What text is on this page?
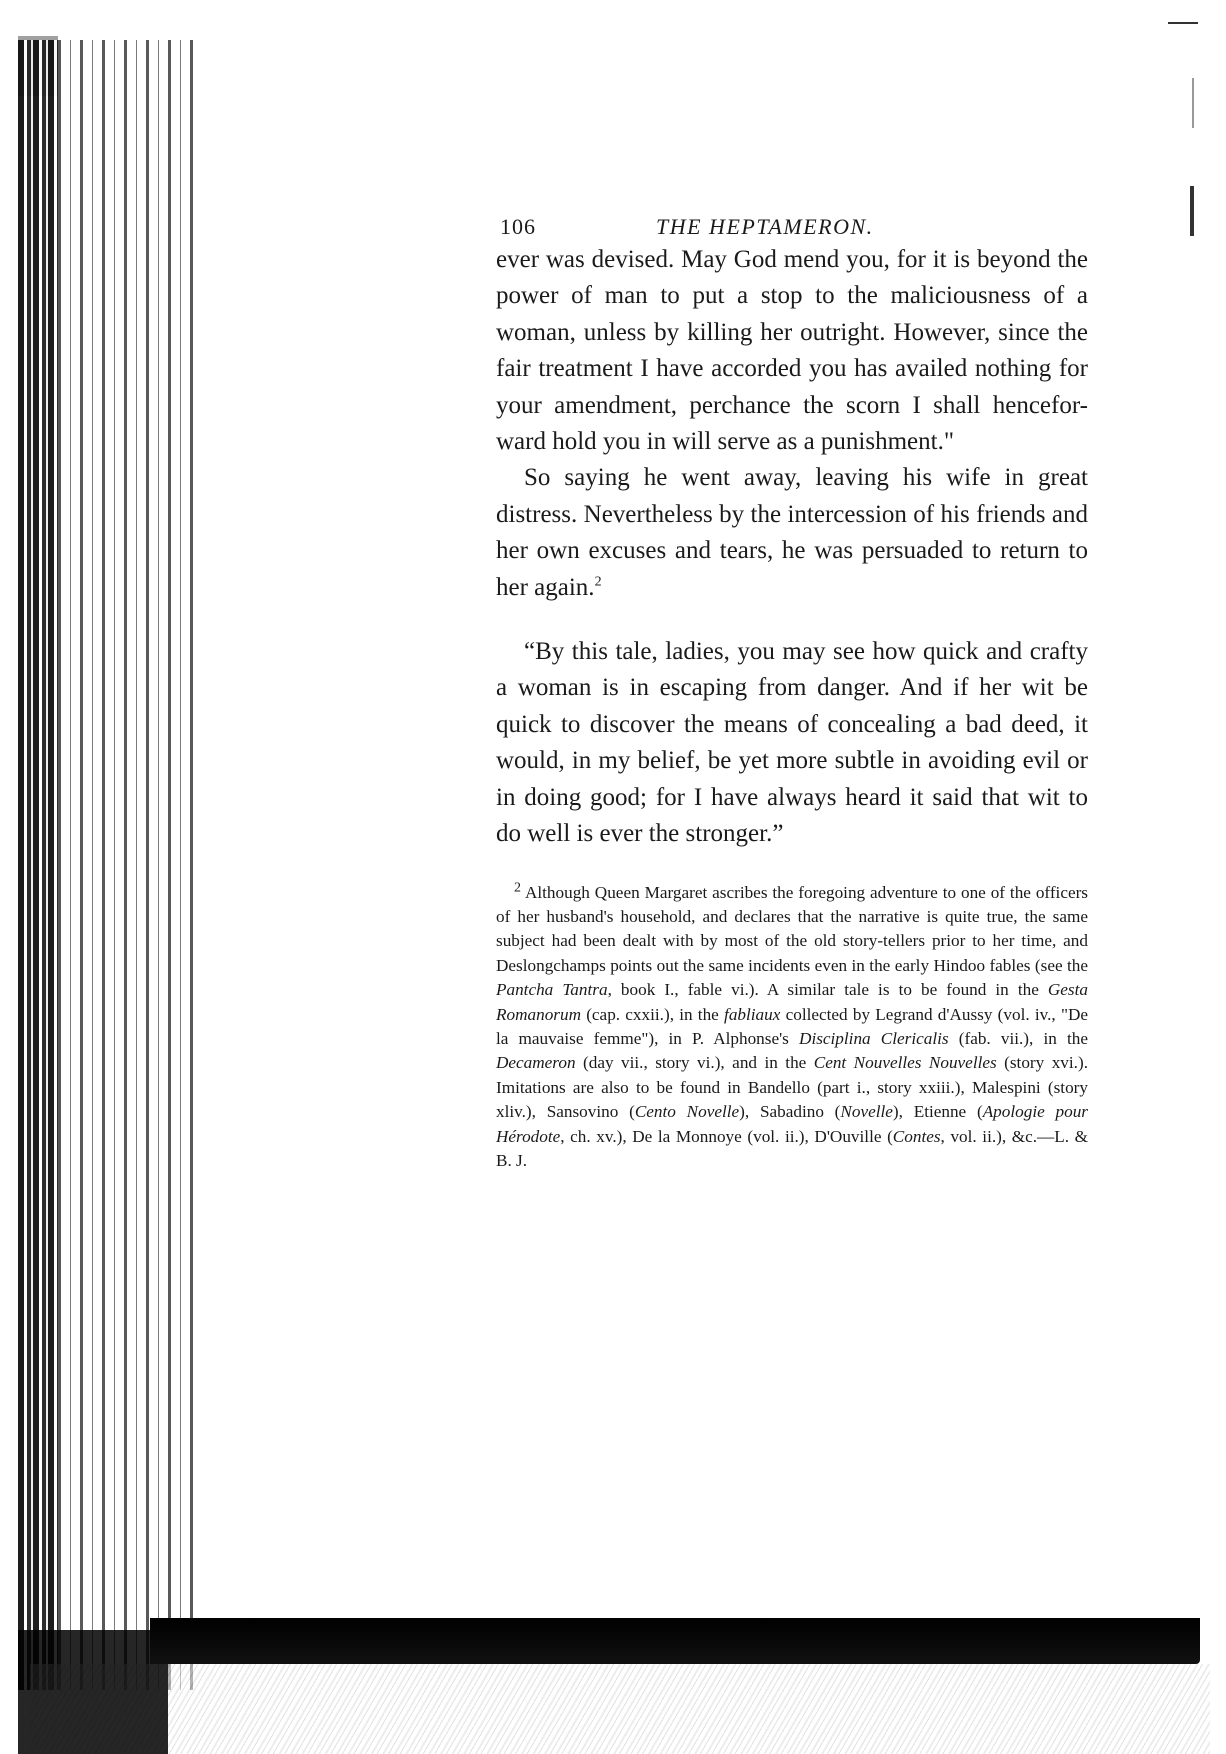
106	THE HEPTAMERON.

ever was devised. May God mend you, for it is beyond the power of man to put a stop to the maliciousness of a woman, unless by killing her outright. However, since the fair treatment I have accorded you has availed nothing for your amendment, perchance the scorn I shall hencefor-ward hold you in will serve as a punishment."

So saying he went away, leaving his wife in great distress. Nevertheless by the intercession of his friends and her own excuses and tears, he was persuaded to return to her again.$^2$

“By this tale, ladies, you may see how quick and crafty a woman is in escaping from danger. And if her wit be quick to discover the means of concealing a bad deed, it would, in my belief, be yet more subtle in avoiding evil or in doing good; for I have always heard it said that wit to do well is ever the stronger.”

$^2$ Although Queen Margaret ascribes the foregoing adventure to one of the officers of her husband's household, and declares that the narrative is quite true, the same subject had been dealt with by most of the old story-tellers prior to her time, and Deslongchamps points out the same incidents even in the early Hindoo fables (see the Pantcha Tantra, book I., fable vi.). A similar tale is to be found in the Gesta Romanorum (cap. cxxii.), in the fabliaux collected by Legrand d'Aussy (vol. iv., "De la mauvaise femme"), in P. Alphonse's Disciplina Clericalis (fab. vii.), in the Decameron (day vii., story vi.), and in the Cent Nouvelles Nouvelles (story xvi.). Imitations are also to be found in Bandello (part i., story xxiii.), Malespini (story xliv.), Sansovino (Cento Novelle), Sabadino (Novelle), Etienne (Apologie pour Hérodote, ch. xv.), De la Monnoye (vol. ii.), D'Ouville (Contes, vol. ii.), &c.—L. & B. J.
